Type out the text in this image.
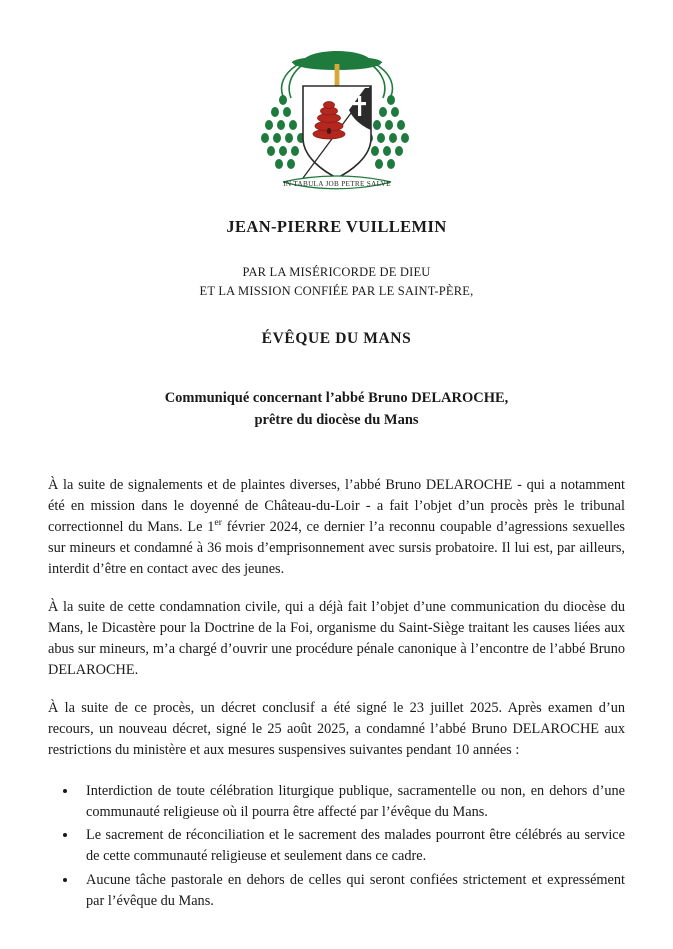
IN TABULA JOB PETRE SALVE
JEAN-PIERRE VUILLEMIN
PAR LA MISÉRICORDE DE DIEU
ET LA MISSION CONFIÉE PAR LE SAINT-PÈRE,
ÉVÊQUE DU MANS
Communiqué concernant l’abbé Bruno DELAROCHE,
prêtre du diocèse du Mans

À la suite de signalements et de plaintes diverses, l’abbé Bruno DELAROCHE - qui a notamment été en mission dans le doyenné de Château-du-Loir - a fait l’objet d’un procès près le tribunal correctionnel du Mans. Le 1er février 2024, ce dernier l’a reconnu coupable d’agressions sexuelles sur mineurs et condamné à 36 mois d’emprisonnement avec sursis probatoire. Il lui est, par ailleurs, interdit d’être en contact avec des jeunes.

À la suite de cette condamnation civile, qui a déjà fait l’objet d’une communication du diocèse du Mans, le Dicastère pour la Doctrine de la Foi, organisme du Saint-Siège traitant les causes liées aux abus sur mineurs, m’a chargé d’ouvrir une procédure pénale canonique à l’encontre de l’abbé Bruno DELAROCHE.

À la suite de ce procès, un décret conclusif a été signé le 23 juillet 2025. Après examen d’un recours, un nouveau décret, signé le 25 août 2025, a condamné l’abbé Bruno DELAROCHE aux restrictions du ministère et aux mesures suspensives suivantes pendant 10 années :

• Interdiction de toute célébration liturgique publique, sacramentelle ou non, en dehors d’une communauté religieuse où il pourra être affecté par l’évêque du Mans.
• Le sacrement de réconciliation et le sacrement des malades pourront être célébrés au service de cette communauté religieuse et seulement dans ce cadre.
• Aucune tâche pastorale en dehors de celles qui seront confiées strictement et expressément par l’évêque du Mans.
